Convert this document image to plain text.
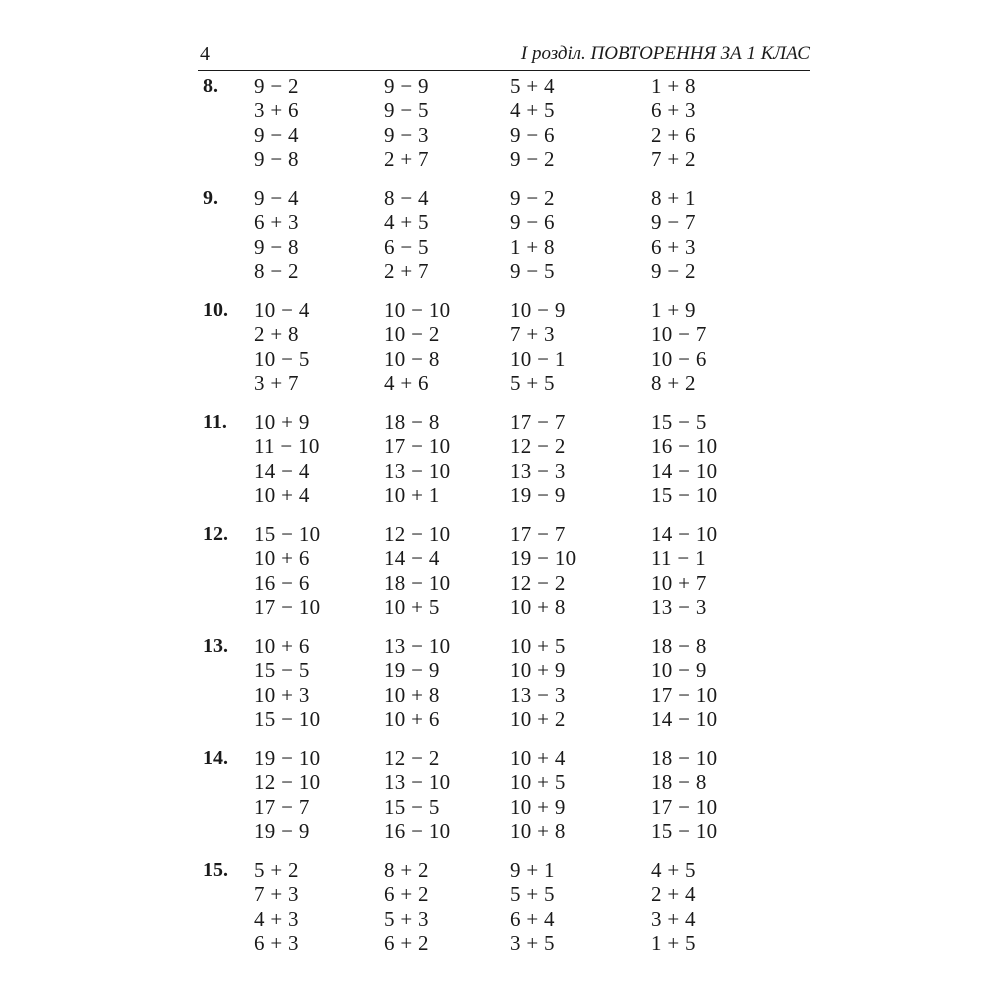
4	І розділ. ПОВТОРЕННЯ ЗА 1 КЛАС
8. 9 − 2
3 + 6
9 − 4
9 − 8
9 − 9
9 − 5
9 − 3
2 + 7
5 + 4
4 + 5
9 − 6
9 − 2
1 + 8
6 + 3
2 + 6
7 + 2
9. 9 − 4
6 + 3
9 − 8
8 − 2
8 − 4
4 + 5
6 − 5
2 + 7
9 − 2
9 − 6
1 + 8
9 − 5
8 + 1
9 − 7
6 + 3
9 − 2
10. 10 − 4
2 + 8
10 − 5
3 + 7
10 − 10
10 − 2
10 − 8
4 + 6
10 − 9
7 + 3
10 − 1
5 + 5
1 + 9
10 − 7
10 − 6
8 + 2
11. 10 + 9
11 − 10
14 − 4
10 + 4
18 − 8
17 − 10
13 − 10
10 + 1
17 − 7
12 − 2
13 − 3
19 − 9
15 − 5
16 − 10
14 − 10
15 − 10
12. 15 − 10
10 + 6
16 − 6
17 − 10
12 − 10
14 − 4
18 − 10
10 + 5
17 − 7
19 − 10
12 − 2
10 + 8
14 − 10
11 − 1
10 + 7
13 − 3
13. 10 + 6
15 − 5
10 + 3
15 − 10
13 − 10
19 − 9
10 + 8
10 + 6
10 + 5
10 + 9
13 − 3
10 + 2
18 − 8
10 − 9
17 − 10
14 − 10
14. 19 − 10
12 − 10
17 − 7
19 − 9
12 − 2
13 − 10
15 − 5
16 − 10
10 + 4
10 + 5
10 + 9
10 + 8
18 − 10
18 − 8
17 − 10
15 − 10
15. 5 + 2
7 + 3
4 + 3
6 + 3
8 + 2
6 + 2
5 + 3
6 + 2
9 + 1
5 + 5
6 + 4
3 + 5
4 + 5
2 + 4
3 + 4
1 + 5
